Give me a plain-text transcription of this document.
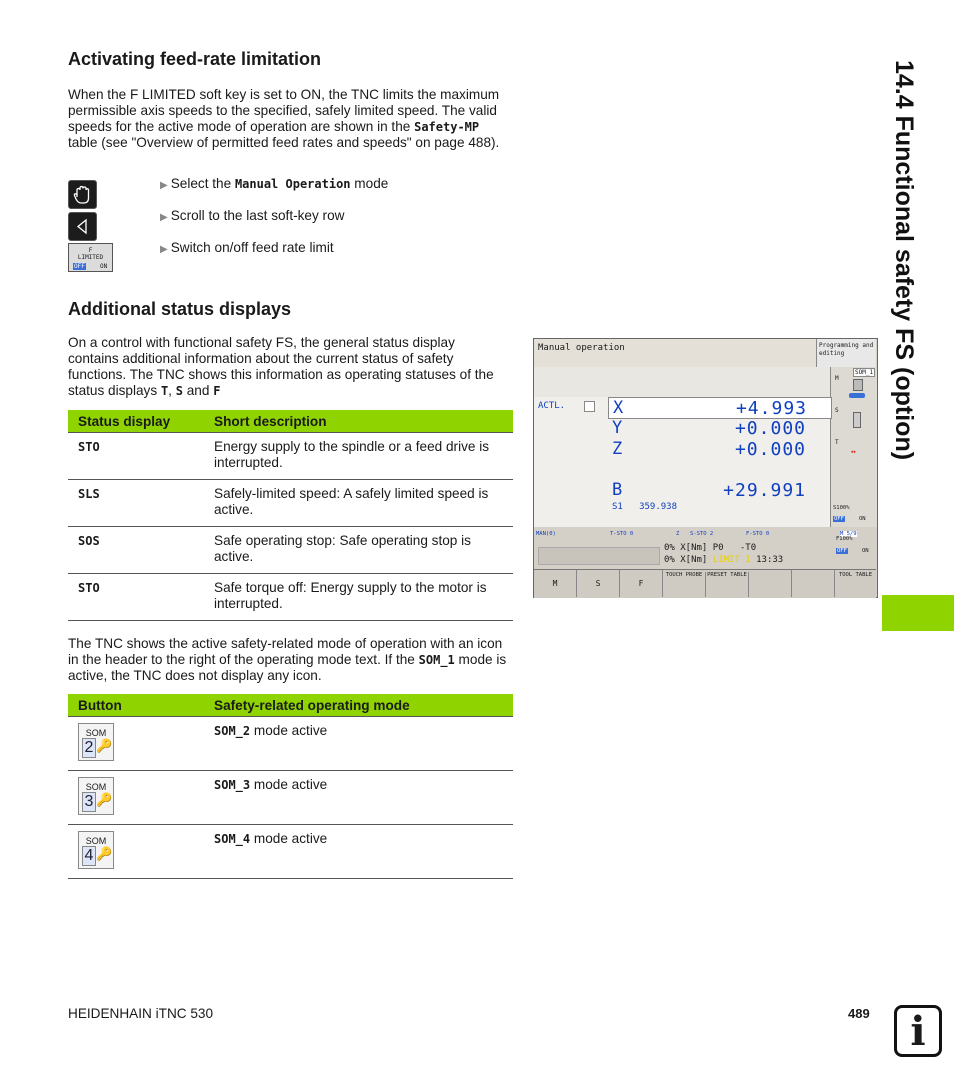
14.4 Functional safety FS (option)
Activating feed-rate limitation

When the F LIMITED soft key is set to ON, the TNC limits the maximum permissible axis speeds to the specified, safely limited speed. The valid speeds for the active mode of operation are shown in the Safety-MP table (see "Overview of permitted feed rates and speeds" on page 488).

F
LIMITED
OFF	ON
▶ Select the Manual Operation mode
▶ Scroll to the last soft-key row
▶ Switch on/off feed rate limit
Additional status displays

On a control with functional safety FS, the general status display contains additional information about the current status of safety functions. The TNC shows this information as operating statuses of the status displays T, S and F

Status display	Short description
STO	Energy supply to the spindle or a feed drive is interrupted.
SLS	Safely-limited speed: A safely limited speed is active.
SOS	Safe operating stop: Safe operating stop is active.
STO	Safe torque off: Energy supply to the motor is interrupted.

The TNC shows the active safety-related mode of operation with an icon in the header to the right of the operating mode text. If the SOM_1 mode is active, the TNC does not display any icon.

Button	Safety-related operating mode

SOM
2 🔑	SOM_2 mode active

SOM
3 🔑	SOM_3 mode active

SOM
4 🔑	SOM_4 mode active
Manual operation	Programming and editing
SOM_1
M
S
T
↔
S100%
OFF	ON
ACTL.	X	+4.993
Y	+0.000
Z	+0.000
B	+29.991
S1   359.938
MAN(0)	T-STO 0	Z S-STO 2	F-STO 0	M 5/9
0% X[Nm] P0   -T0
0% X[Nm] LIMIT 1 13:33
F100%
OFF	ON
M	S	F
TOUCH PROBE PRESET TABLE	TOOL TABLE
HEIDENHAIN iTNC 530	489	i
